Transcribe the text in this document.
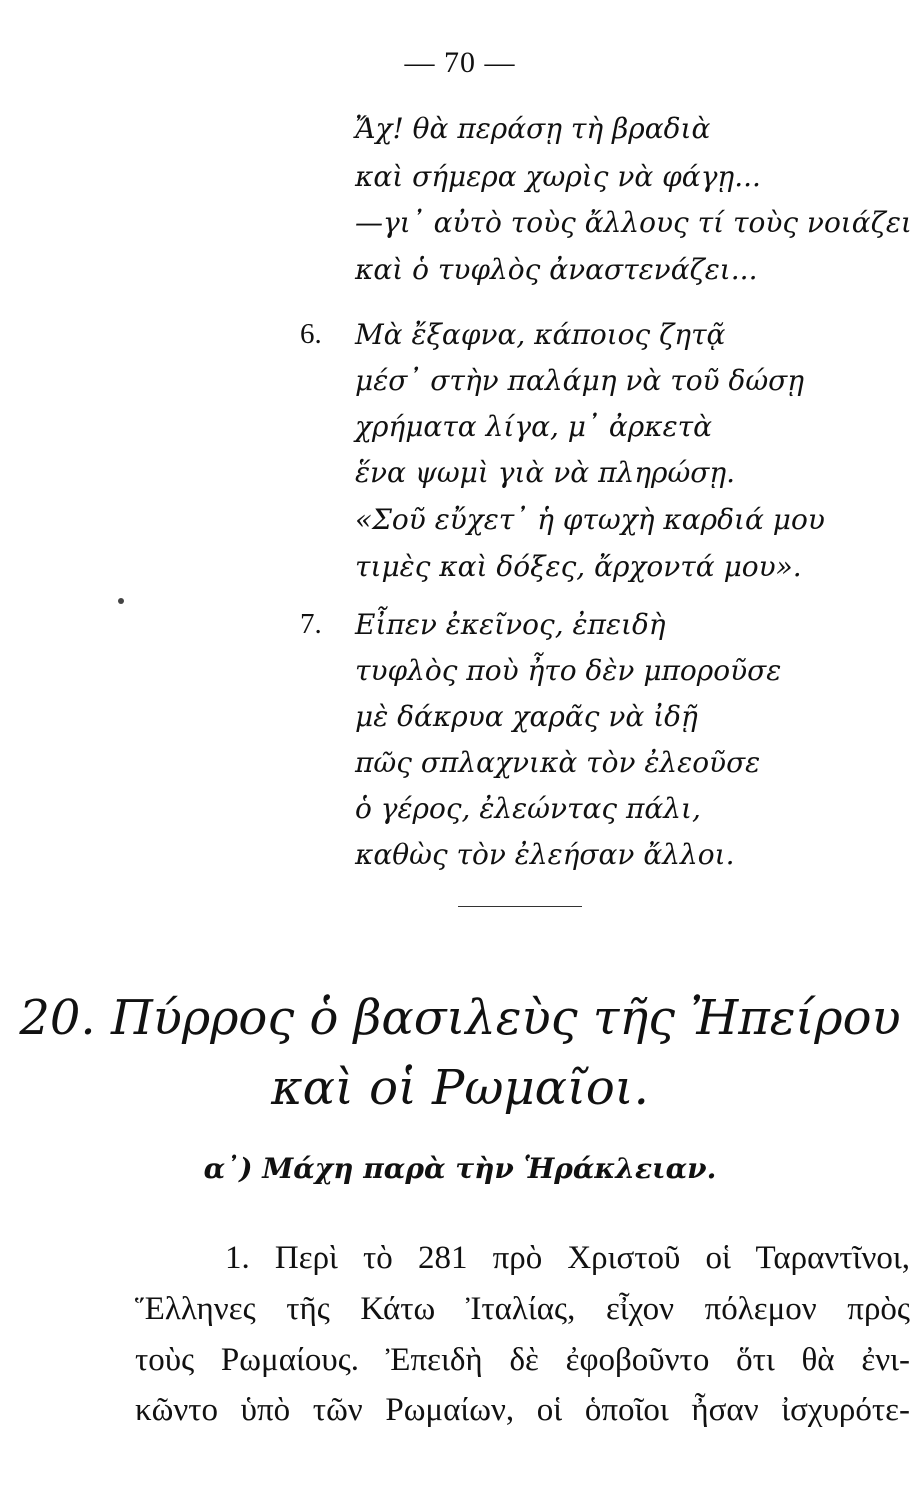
— 70 —
Ἄχ! θὰ περάσῃ τὴ βραδιὰ
καὶ σήμερα χωρὶς νὰ φάγῃ...
—γι᾽ αὐτὸ τοὺς ἄλλους τί τοὺς νοιάζει
καὶ ὁ τυφλὸς ἀναστενάζει...
6. Μὰ ἔξαφνα, κάποιος ζητᾷ
μέσ᾽ στὴν παλάμη νὰ τοῦ δώσῃ
χρήματα λίγα, μ᾽ ἀρκετὰ
ἕνα ψωμὶ γιὰ νὰ πληρώσῃ.
«Σοῦ εὔχετ᾽ ἡ φτωχὴ καρδιά μου
τιμὲς καὶ δόξες, ἄρχοντά μου».
7. Εἶπεν ἐκεῖνος, ἐπειδὴ
τυφλὸς ποὺ ἦτο δὲν μποροῦσε
μὲ δάκρυα χαρᾶς νὰ ἰδῇ
πῶς σπλαχνικὰ τὸν ἐλεοῦσε
ὁ γέρος, ἐλεώντας πάλι,
καθὼς τὸν ἐλεήσαν ἄλλοι.
20. Πύρρος ὁ βασιλεὺς τῆς Ἠπείρου
καὶ οἱ Ρωμαῖοι.
α᾽) Μάχη παρὰ τὴν Ἡράκλειαν.
1. Περὶ τὸ 281 πρὸ Χριστοῦ οἱ Ταραντῖνοι,
Ἕλληνες τῆς Κάτω Ἰταλίας, εἶχον πόλεμον πρὸς
τοὺς Ρωμαίους. Ἐπειδὴ δὲ ἐφοβοῦντο ὅτι θὰ ἐνι-
κῶντο ὑπὸ τῶν Ρωμαίων, οἱ ὁποῖοι ἦσαν ἰσχυρότε-
